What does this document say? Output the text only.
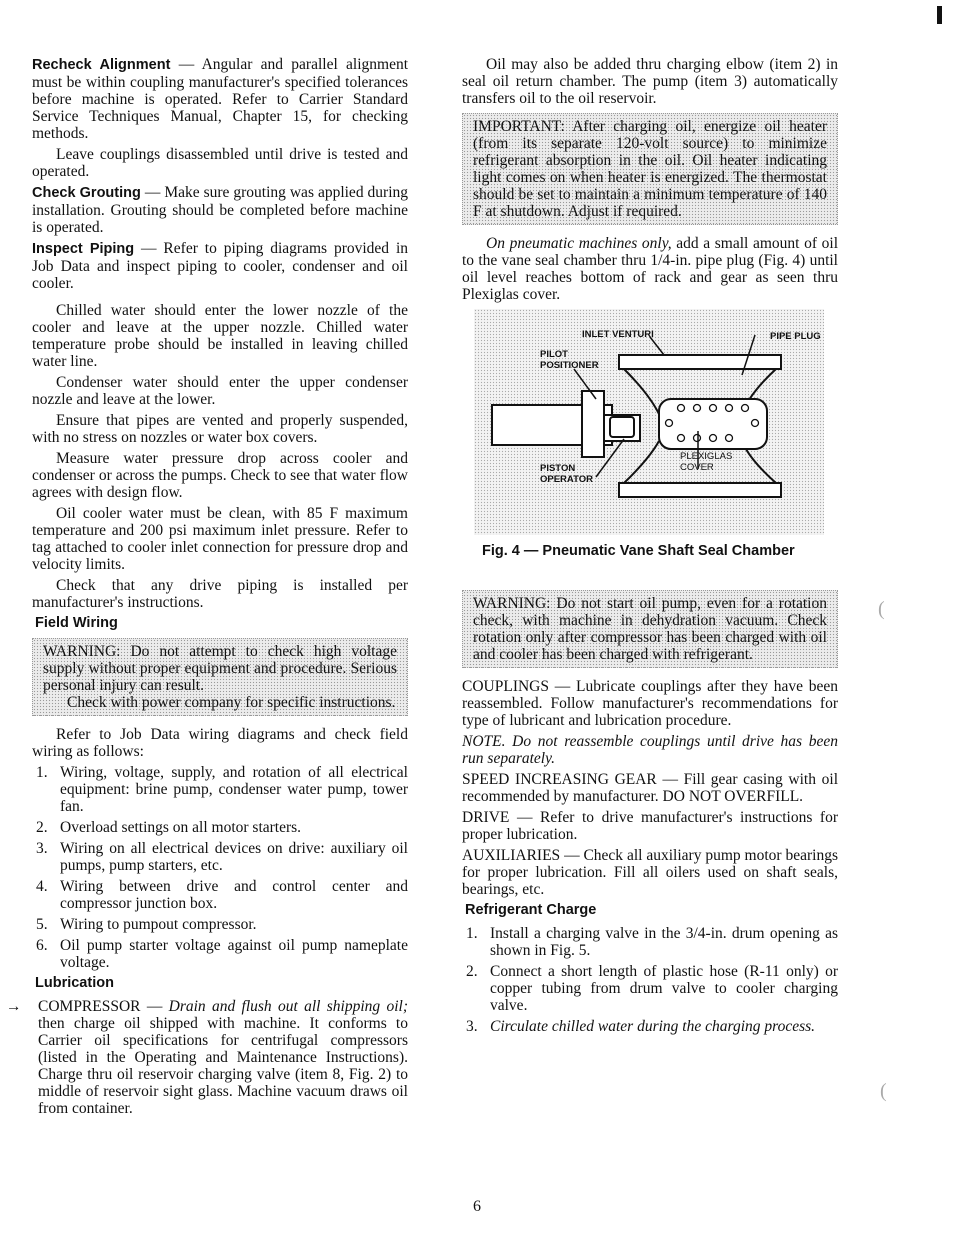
(
(

Recheck Alignment — Angular and parallel alignment must be within coupling manufacturer's specified tolerances before machine is operated. Refer to Carrier Standard Service Techniques Manual, Chapter 15, for checking methods.

Leave couplings disassembled until drive is tested and operated.

Check Grouting — Make sure grouting was applied during installation. Grouting should be completed before machine is operated.

Inspect Piping — Refer to piping diagrams provided in Job Data and inspect piping to cooler, condenser and oil cooler.

Chilled water should enter the lower nozzle of the cooler and leave at the upper nozzle. Chilled water temperature probe should be installed in leaving chilled water line.

Condenser water should enter the upper condenser nozzle and leave at the lower.

Ensure that pipes are vented and properly suspended, with no stress on nozzles or water box covers.

Measure water pressure drop across cooler and condenser or across the pumps. Check to see that water flow agrees with design flow.

Oil cooler water must be clean, with 85 F maximum temperature and 200 psi maximum inlet pressure. Refer to tag attached to cooler inlet connection for pressure drop and velocity limits.

Check that any drive piping is installed per manufacturer's instructions.

Field Wiring

WARNING: Do not attempt to check high voltage supply without proper equipment and procedure. Serious personal injury can result.

Check with power company for specific instructions.

Refer to Job Data wiring diagrams and check field wiring as follows:

1. Wiring, voltage, supply, and rotation of all electrical equipment: brine pump, condenser water pump, tower fan.
2. Overload settings on all motor starters.
3. Wiring on all electrical devices on drive: auxiliary oil pumps, pump starters, etc.
4. Wiring between drive and control center and compressor junction box.
5. Wiring to pumpout compressor.
6. Oil pump starter voltage against oil pump nameplate voltage.
Lubrication

→ COMPRESSOR — Drain and flush out all shipping oil; then charge oil shipped with machine. It conforms to Carrier oil specifications for centrifugal compressors (listed in the Operating and Maintenance Instructions). Charge thru oil reservoir charging valve (item 8, Fig. 2) to middle of reservoir sight glass. Machine vacuum draws oil from container.

Oil may also be added thru charging elbow (item 2) in seal oil return chamber. The pump (item 3) automatically transfers oil to the oil reservoir.

IMPORTANT: After charging oil, energize oil heater (from its separate 120-volt source) to minimize refrigerant absorption in the oil. Oil heater indicating light comes on when heater is energized. The thermostat should be set to maintain a minimum temperature of 140 F at shutdown. Adjust if required.

On pneumatic machines only, add a small amount of oil to the vane seal chamber thru 1/4-in. pipe plug (Fig. 4) until oil level reaches bottom of rack and gear as seen thru Plexiglas cover.

INLET VENTURI	PIPE PLUG
PILOT
POSITIONER
PISTON
OPERATOR
PLEXIGLAS
COVER
Fig. 4 — Pneumatic Vane Shaft Seal Chamber

WARNING: Do not start oil pump, even for a rotation check, with machine in dehydration vacuum. Check rotation only after compressor has been charged with oil and cooler has been charged with refrigerant.

COUPLINGS — Lubricate couplings after they have been reassembled. Follow manufacturer's recommendations for type of lubricant and lubrication procedure.

NOTE. Do not reassemble couplings until drive has been run separately.

SPEED INCREASING GEAR — Fill gear casing with oil recommended by manufacturer. DO NOT OVERFILL.

DRIVE — Refer to drive manufacturer's instructions for proper lubrication.

AUXILIARIES — Check all auxiliary pump motor bearings for proper lubrication. Fill all oilers used on shaft seals, bearings, etc.

Refrigerant Charge
1. Install a charging valve in the 3/4-in. drum opening as shown in Fig. 5.
2. Connect a short length of plastic hose (R-11 only) or copper tubing from drum valve to cooler charging valve.
3. Circulate chilled water during the charging process.
6
